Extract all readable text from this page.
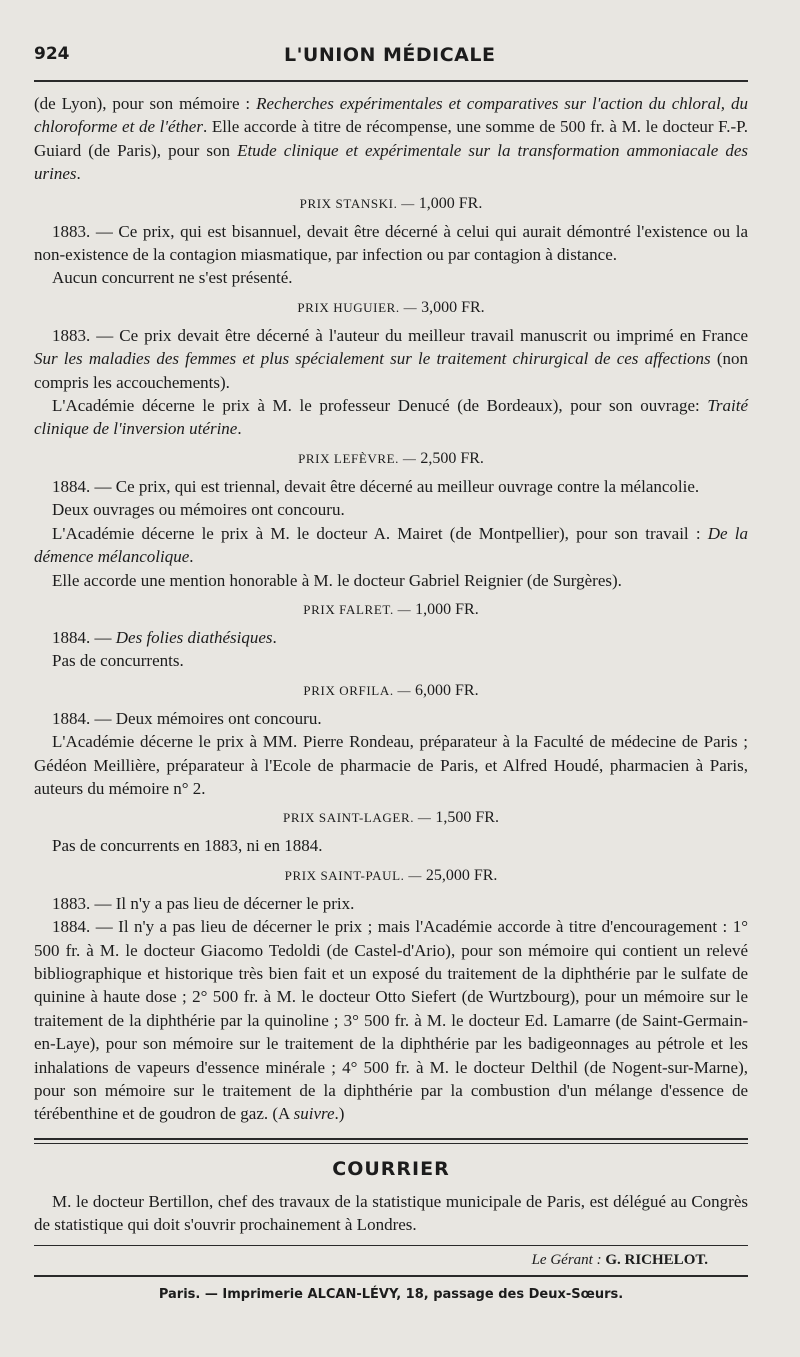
924	L'UNION MÉDICALE

(de Lyon), pour son mémoire : Recherches expérimentales et comparatives sur l'action du chloral, du chloroforme et de l'éther. Elle accorde à titre de récompense, une somme de 500 fr. à M. le docteur F.-P. Guiard (de Paris), pour son Etude clinique et expérimentale sur la transformation ammoniacale des urines.

PRIX STANSKI. — 1,000 FR.

1883. — Ce prix, qui est bisannuel, devait être décerné à celui qui aurait démontré l'existence ou la non-existence de la contagion miasmatique, par infection ou par contagion à distance.

Aucun concurrent ne s'est présenté.

PRIX HUGUIER. — 3,000 FR.

1883. — Ce prix devait être décerné à l'auteur du meilleur travail manuscrit ou imprimé en France Sur les maladies des femmes et plus spécialement sur le traitement chirurgical de ces affections (non compris les accouchements).

L'Académie décerne le prix à M. le professeur Denucé (de Bordeaux), pour son ouvrage: Traité clinique de l'inversion utérine.

PRIX LEFÈVRE. — 2,500 FR.

1884. — Ce prix, qui est triennal, devait être décerné au meilleur ouvrage contre la mélancolie.

Deux ouvrages ou mémoires ont concouru.

L'Académie décerne le prix à M. le docteur A. Mairet (de Montpellier), pour son travail : De la démence mélancolique.

Elle accorde une mention honorable à M. le docteur Gabriel Reignier (de Surgères).

PRIX FALRET. — 1,000 FR.

1884. — Des folies diathésiques.

Pas de concurrents.

PRIX ORFILA. — 6,000 FR.

1884. — Deux mémoires ont concouru.

L'Académie décerne le prix à MM. Pierre Rondeau, préparateur à la Faculté de médecine de Paris ; Gédéon Meillière, préparateur à l'Ecole de pharmacie de Paris, et Alfred Houdé, pharmacien à Paris, auteurs du mémoire n° 2.

PRIX SAINT-LAGER. — 1,500 FR.

Pas de concurrents en 1883, ni en 1884.

PRIX SAINT-PAUL. — 25,000 FR.

1883. — Il n'y a pas lieu de décerner le prix.

1884. — Il n'y a pas lieu de décerner le prix ; mais l'Académie accorde à titre d'encouragement : 1° 500 fr. à M. le docteur Giacomo Tedoldi (de Castel-d'Ario), pour son mémoire qui contient un relevé bibliographique et historique très bien fait et un exposé du traitement de la diphthérie par le sulfate de quinine à haute dose ; 2° 500 fr. à M. le docteur Otto Siefert (de Wurtzbourg), pour un mémoire sur le traitement de la diphthérie par la quinoline ; 3° 500 fr. à M. le docteur Ed. Lamarre (de Saint-Germain-en-Laye), pour son mémoire sur le traitement de la diphthérie par les badigeonnages au pétrole et les inhalations de vapeurs d'essence minérale ; 4° 500 fr. à M. le docteur Delthil (de Nogent-sur-Marne), pour son mémoire sur le traitement de la diphthérie par la combustion d'un mélange d'essence de térébenthine et de goudron de gaz. (A suivre.)

COURRIER

M. le docteur Bertillon, chef des travaux de la statistique municipale de Paris, est délégué au Congrès de statistique qui doit s'ouvrir prochainement à Londres.

Le Gérant : G. RICHELOT.
Paris. — Imprimerie ALCAN-LÉVY, 18, passage des Deux-Sœurs.
